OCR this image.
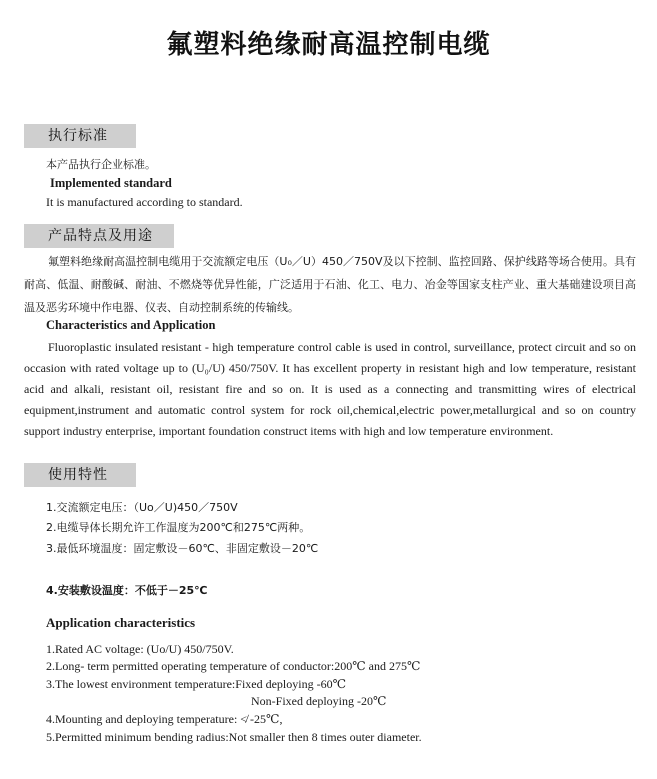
氟塑料绝缘耐高温控制电缆
执行标准
本产品执行企业标准。
Implemented standard
It is manufactured according to standard.
产品特点及用途
氟塑料绝缘耐高温控制电缆用于交流额定电压（U₀／U）450／750V及以下控制、监控回路、保护线路等场合使用。具有耐高、低温、耐酸碱、耐油、不燃烧等优异性能，广泛适用于石油、化工、电力、冶金等国家支柱产业、重大基础建设项目高温及恶劣环境中作电器、仪表、自动控制系统的传输线。
Characteristics and Application
Fluoroplastic insulated resistant - high temperature control cable is used in control, surveillance, protect circuit and so on occasion with rated voltage up to (U₀/U) 450/750V. It has excellent property in resistant high and low temperature, resistant acid and alkali, resistant oil, resistant fire and so on. It is used as a connecting and transmitting wires of electrical equipment,instrument and automatic control system for rock oil,chemical,electric power,metallurgical and so on country support industry enterprise, important foundation construct items with high and low temperature environment.
使用特性
1.交流额定电压：（Uo／U)450／750V
2.电缆导体长期允许工作温度为200℃和275℃两种。
3.最低环境温度：固定敷设－60℃、非固定敷设－20℃
4.安装敷设温度：不低于－25℃
Application characteristics
1.Rated AC voltage: (Uo/U) 450/750V.
2.Long- term permitted operating temperature of conductor:200℃ and 275℃
3.The lowest environment temperature:Fixed deploying -60℃
Non-Fixed deploying -20℃
4.Mounting and deploying temperature: ≮ -25℃,
5.Permitted minimum bending radius:Not smaller then 8 times outer diameter.
